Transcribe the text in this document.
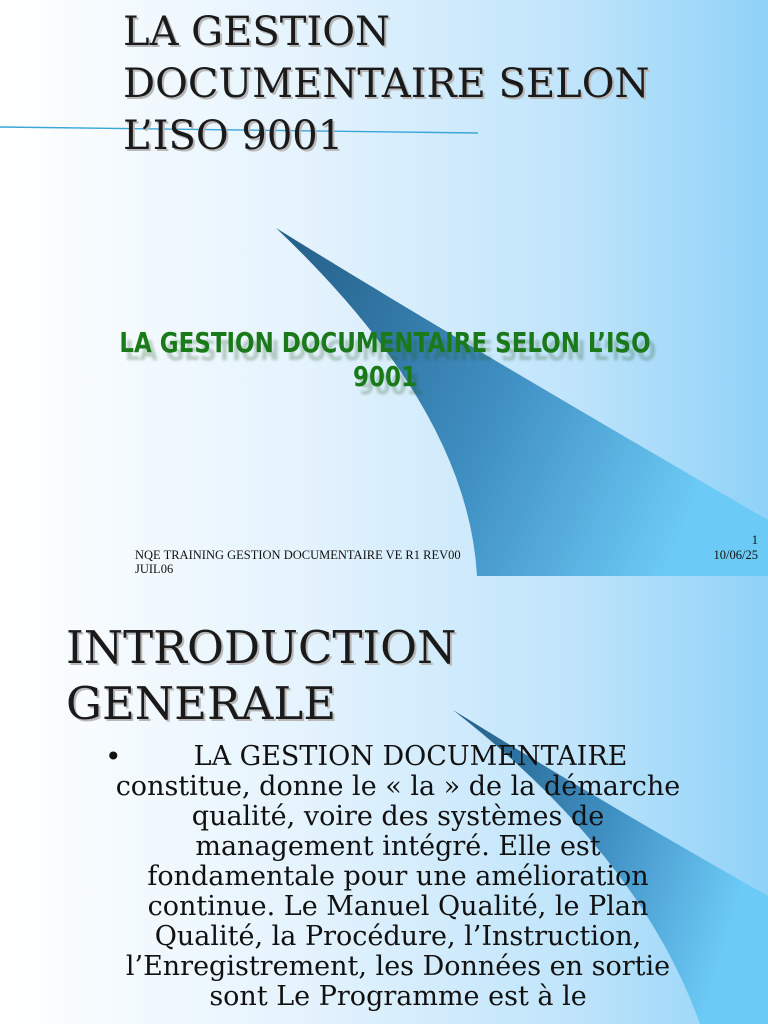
LA GESTION
DOCUMENTAIRE SELON
L’ISO 9001
LA GESTION DOCUMENTAIRE SELON L’ISO 9001
NQE TRAINING GESTION DOCUMENTAIRE VE R1 REV00 JUIL06
1
10/06/25
INTRODUCTION
GENERALE
•	LA GESTION DOCUMENTAIRE constitue, donne le « la » de la démarche qualité, voire des systèmes de management intégré. Elle est fondamentale pour une amélioration continue. Le Manuel Qualité, le Plan Qualité, la Procédure, l’Instruction, l’Enregistrement, les Données en sortie sont Le Programme est à le
